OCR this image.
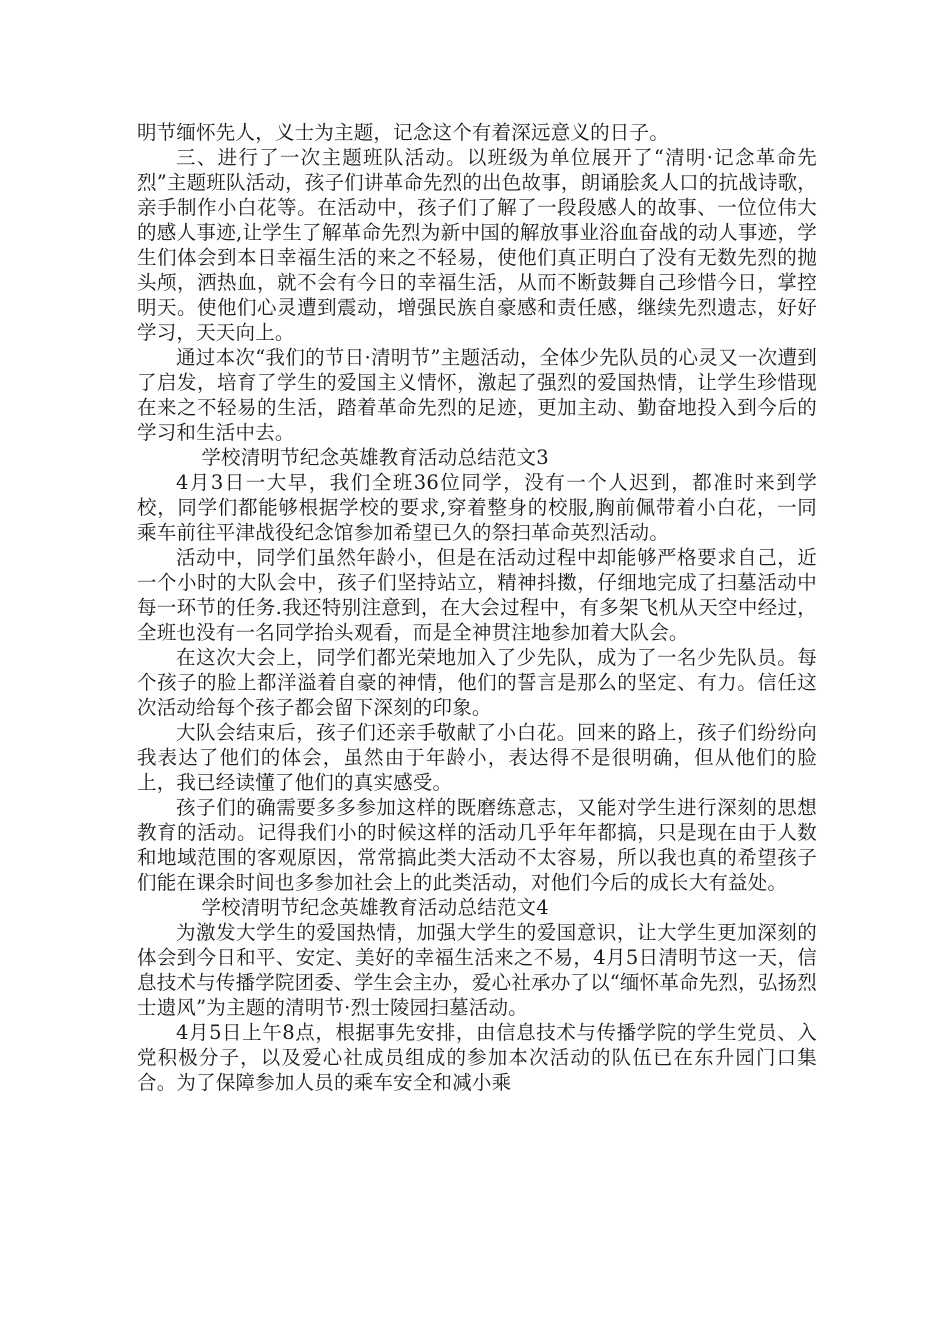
明节缅怀先人，义士为主题，记念这个有着深远意义的日子。

三、进行了一次主题班队活动。以班级为单位展开了“清明·记念革命先烈”主题班队活动，孩子们讲革命先烈的出色故事，朗诵脍炙人口的抗战诗歌，亲手制作小白花等。在活动中，孩子们了解了一段段感人的故事、一位位伟大的感人事迹,让学生了解革命先烈为新中国的解放事业浴血奋战的动人事迹，学生们体会到本日幸福生活的来之不轻易，使他们真正明白了没有无数先烈的抛头颅，洒热血，就不会有今日的幸福生活，从而不断鼓舞自己珍惜今日，掌控明天。使他们心灵遭到震动，增强民族自豪感和责任感，继续先烈遗志，好好学习，天天向上。

通过本次“我们的节日·清明节”主题活动，全体少先队员的心灵又一次遭到了启发，培育了学生的爱国主义情怀，激起了强烈的爱国热情，让学生珍惜现在来之不轻易的生活，踏着革命先烈的足迹，更加主动、勤奋地投入到今后的学习和生活中去。

学校清明节纪念英雄教育活动总结范文3

4月3日一大早，我们全班36位同学，没有一个人迟到，都准时来到学校，同学们都能够根据学校的要求,穿着整身的校服,胸前佩带着小白花，一同乘车前往平津战役纪念馆参加希望已久的祭扫革命英烈活动。

活动中，同学们虽然年龄小，但是在活动过程中却能够严格要求自己，近一个小时的大队会中，孩子们坚持站立，精神抖擞，仔细地完成了扫墓活动中每一环节的任务.我还特别注意到，在大会过程中，有多架飞机从天空中经过，全班也没有一名同学抬头观看，而是全神贯注地参加着大队会。

在这次大会上，同学们都光荣地加入了少先队，成为了一名少先队员。每个孩子的脸上都洋溢着自豪的神情，他们的誓言是那么的坚定、有力。信任这次活动给每个孩子都会留下深刻的印象。

大队会结束后，孩子们还亲手敬献了小白花。回来的路上，孩子们纷纷向我表达了他们的体会，虽然由于年龄小，表达得不是很明确，但从他们的脸上，我已经读懂了他们的真实感受。

孩子们的确需要多多参加这样的既磨练意志，又能对学生进行深刻的思想教育的活动。记得我们小的时候这样的活动几乎年年都搞，只是现在由于人数和地域范围的客观原因，常常搞此类大活动不太容易，所以我也真的希望孩子们能在课余时间也多参加社会上的此类活动，对他们今后的成长大有益处。

学校清明节纪念英雄教育活动总结范文4

为激发大学生的爱国热情，加强大学生的爱国意识，让大学生更加深刻的体会到今日和平、安定、美好的幸福生活来之不易，4月5日清明节这一天，信息技术与传播学院团委、学生会主办，爱心社承办了以“缅怀革命先烈，弘扬烈士遗风”为主题的清明节·烈士陵园扫墓活动。

4月5日上午8点，根据事先安排，由信息技术与传播学院的学生党员、入党积极分子，以及爱心社成员组成的参加本次活动的队伍已在东升园门口集合。为了保障参加人员的乘车安全和减小乘
